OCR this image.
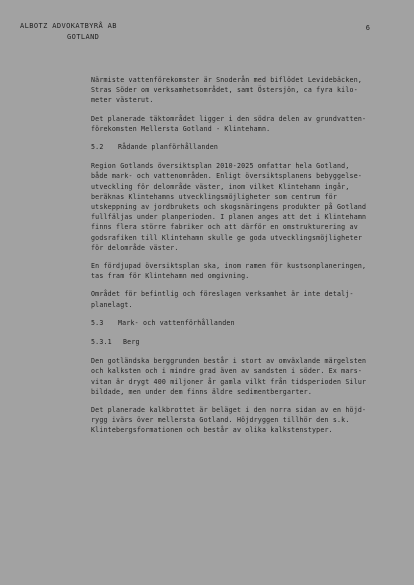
ALBOTZ ADVOKATBYRÅ AB
GOTLAND
6

Närmiste vattenförekomster är Snoderån med biflödet Levidebäcken,
Stras Söder om verksamhetsområdet, samt Östersjön, ca fyra kilo-
meter västerut.

Det planerade täktområdet ligger i den södra delen av grundvatten-
förekomsten Mellersta Gotland - Klintehamn.

5.2 Rådande planförhållanden

Region Gotlands översiktsplan 2010-2025 omfattar hela Gotland,
både mark- och vattenområden. Enligt översiktsplanens bebyggelse-
utveckling för delområde väster, inom vilket Klintehamn ingår,
beräknas Klintehamns utvecklingsmöjligheter som centrum för
utskeppning av jordbrukets och skogsnäringens produkter på Gotland
fullfäljas under planperioden. I planen anges att det i Klintehamn
finns flera större fabriker och att därför en omstrukturering av
godsrafiken till Klintehamn skulle ge goda utvecklingsmöjligheter
för delområde väster.

En fördjupad översiktsplan ska, inom ramen för kustsonplaneringen,
tas fram för Klintehamn med omgivning.

Området för befintlig och föreslagen verksamhet är inte detalj-
planelagt.

5.3 Mark- och vattenförhållanden
5.3.1 Berg

Den gotländska berggrunden består i stort av omväxlande märgelsten
och kalksten och i mindre grad även av sandsten i söder. Ex mars-
vitan är drygt 400 miljoner år gamla vilkt från tidsperioden Silur
bildade, men under dem finns äldre sedimentbergarter.

Det planerade kalkbrottet är beläget i den norra sidan av en höjd-
rygg ivärs över mellersta Gotland. Höjdryggen tillhör den s.k.
Klintebergsformationen och består av olika kalkstenstyper.
